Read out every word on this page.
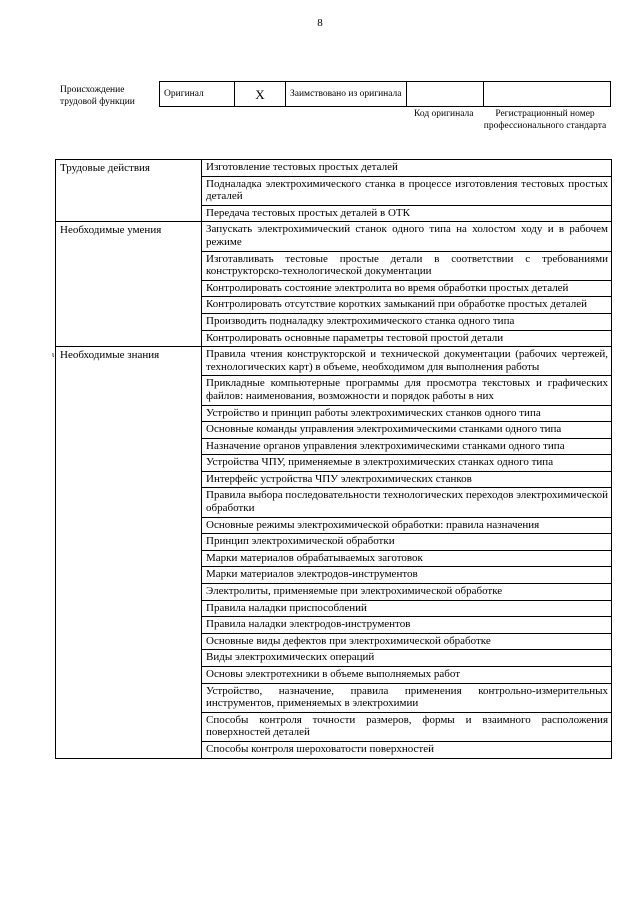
8
Происхождение трудовой функции
Оригинал	X	Заимствовано из оригинала		
Код оригинала	Регистрационный номер профессионального стандарта
Трудовые действия	Изготовление тестовых простых деталей
	Подналадка электрохимического станка в процессе изготовления тестовых простых деталей
	Передача тестовых простых деталей в ОТК
Необходимые умения	Запускать электрохимический станок одного типа на холостом ходу и в рабочем режиме
	Изготавливать тестовые простые детали в соответствии с требованиями конструкторско-технологической документации
	Контролировать состояние электролита во время обработки простых деталей
	Контролировать отсутствие коротких замыканий при обработке простых деталей
	Производить подналадку электрохимического станка одного типа
	Контролировать основные параметры тестовой простой детали
Необходимые знания	Правила чтения конструкторской и технической документации (рабочих чертежей, технологических карт) в объеме, необходимом для выполнения работы
	Прикладные компьютерные программы для просмотра текстовых и графических файлов: наименования, возможности и порядок работы в них
	Устройство и принцип работы электрохимических станков одного типа
	Основные команды управления электрохимическими станками одного типа
	Назначение органов управления электрохимическими станками одного типа
	Устройства ЧПУ, применяемые в электрохимических станках одного типа
	Интерфейс устройства ЧПУ электрохимических станков
	Правила выбора последовательности технологических переходов электрохимической обработки
	Основные режимы электрохимической обработки: правила назначения
	Принцип электрохимической обработки
	Марки материалов обрабатываемых заготовок
	Марки материалов электродов-инструментов
	Электролиты, применяемые при электрохимической обработке
	Правила наладки приспособлений
	Правила наладки электродов-инструментов
	Основные виды дефектов при электрохимической обработке
	Виды электрохимических операций
	Основы электротехники в объеме выполняемых работ
	Устройство, назначение, правила применения контрольно-измерительных инструментов, применяемых в электрохимии
	Способы контроля точности размеров, формы и взаимного расположения поверхностей деталей
	Способы контроля шероховатости поверхностей
ι
